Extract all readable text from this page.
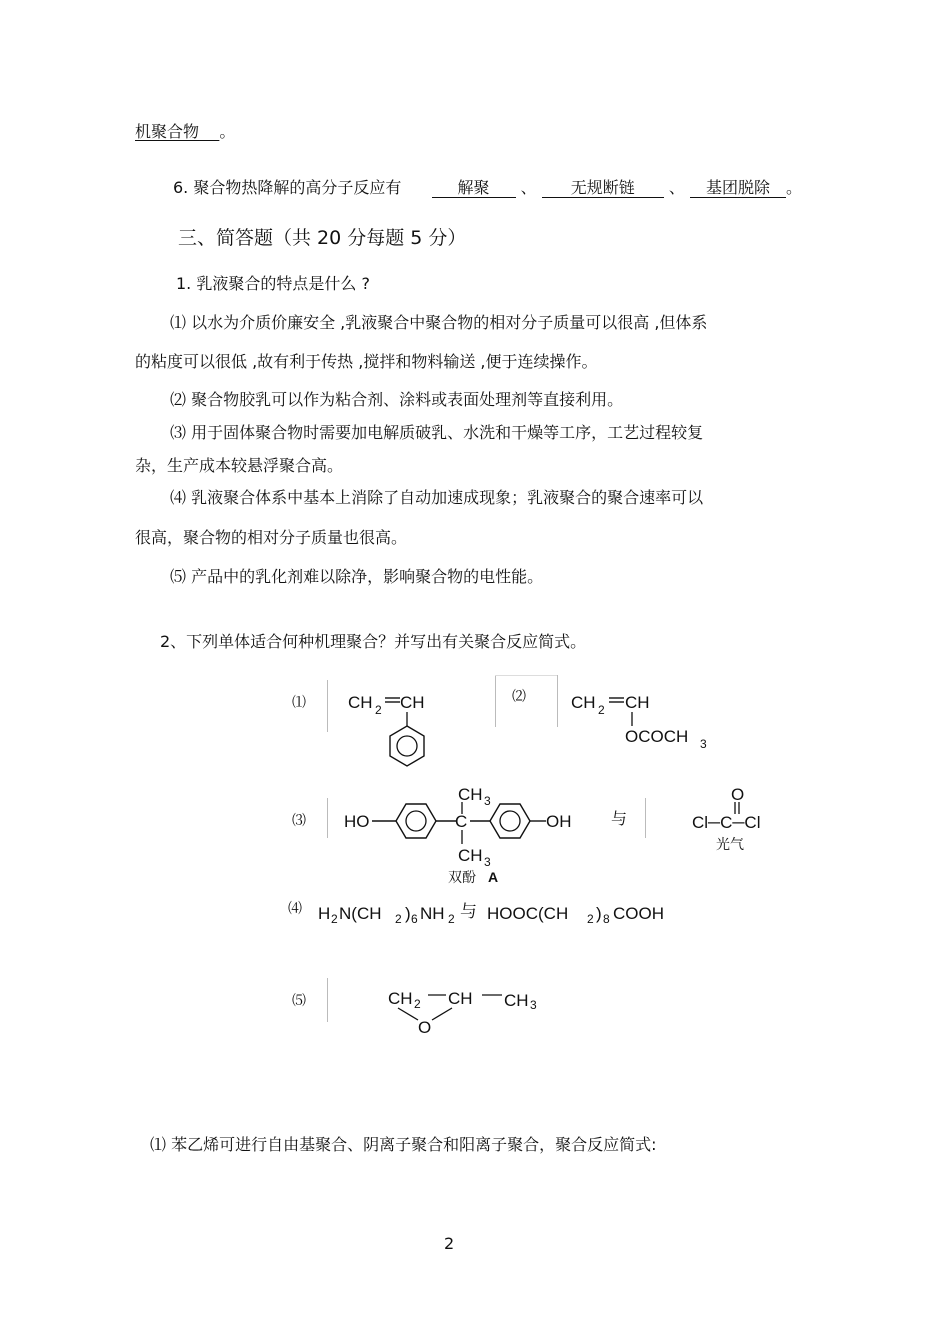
机聚合物 。
6. 聚合物热降解的高分子反应有	解聚 、 无规断链 、 基团脱除 。
三、简答题（共 20 分每题 5 分）
1. 乳液聚合的特点是什么 ?
⑴ 以水为介质价廉安全 ,乳液聚合中聚合物的相对分子质量可以很高 ,但体系
的粘度可以很低 ,故有利于传热 ,搅拌和物料输送 ,便于连续操作。
⑵ 聚合物胶乳可以作为粘合剂、涂料或表面处理剂等直接利用。
⑶ 用于固体聚合物时需要加电解质破乳、水洗和干燥等工序，工艺过程较复
杂，生产成本较悬浮聚合高。
⑷ 乳液聚合体系中基本上消除了自动加速成现象；乳液聚合的聚合速率可以
很高，聚合物的相对分子质量也很高。
⑸ 产品中的乳化剂难以除净，影响聚合物的电性能。
2、下列单体适合何种机理聚合？并写出有关聚合反应简式。
⑴	⑵
⑶
⑷
⑸
CH 2 CH	CH 2 CH
OCOCH 3
HO	C
CH 3
CH 3
OH
双酚 A
与
O
Cl─C─Cl
光气
H 2 N(CH 2 ) 6 NH 2 与 HOOC(CH 2 ) 8 COOH
CH 2 CH CH 3
O
⑴ 苯乙烯可进行自由基聚合、阴离子聚合和阳离子聚合，聚合反应简式:
2
